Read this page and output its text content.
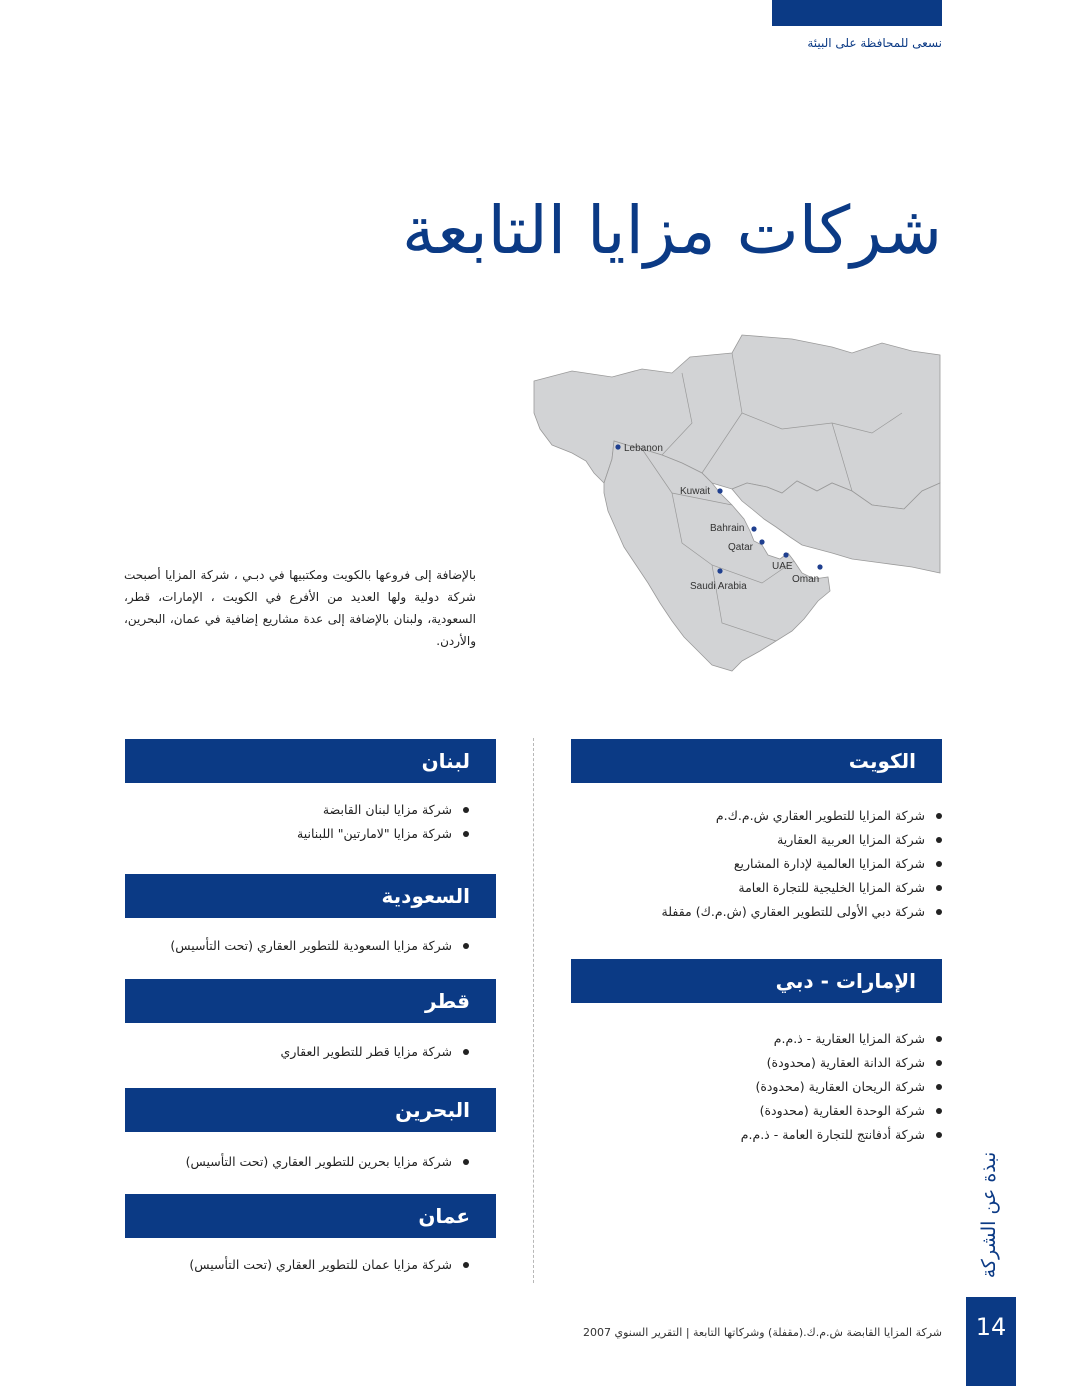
نسعى للمحافظة على البيئة
شركات مزايا التابعة
Lebanon
Kuwait
Bahrain
Qatar
UAE
Oman
Saudi Arabia

بالإضافة إلى فروعها بالكويت ومكتبيها في دبـي ، شركة المزايا أصبحت شركة دولية ولها العديد من الأفرع في الكويت ، الإمارات، قطر، السعودية، ولبنان بالإضافة إلى عدة مشاريع إضافية في عمان، البحرين، والأردن.

الكويت
شركة المزايا للتطوير العقاري ش.م.ك.م
شركة المزايا العربية العقارية
شركة المزايا العالمية لإدارة المشاريع
شركة المزايا الخليجية للتجارة العامة
شركة دبي الأولى للتطوير العقاري (ش.م.ك) مقفلة
الإمارات - دبي
شركة المزايا العقارية - ذ.م.م
شركة الدانة العقارية (محدودة)
شركة الريحان العقارية (محدودة)
شركة الوحدة العقارية (محدودة)
شركة أدفانتج للتجارة العامة - ذ.م.م
لبنان
شركة مزايا لبنان القابضة
شركة مزايا "لامارتين" اللبنانية
السعودية
شركة مزايا السعودية للتطوير العقاري (تحت التأسيس)
قطر
شركة مزايا قطر للتطوير العقاري
البحرين
شركة مزايا بحرين للتطوير العقاري (تحت التأسيس)
عمان
شركة مزايا عمان للتطوير العقاري (تحت التأسيس)	نبذة عن الشركة
14
شركة المزايا القابضة ش.م.ك.(مقفلة) وشركاتها التابعة | التقرير السنوي 2007
